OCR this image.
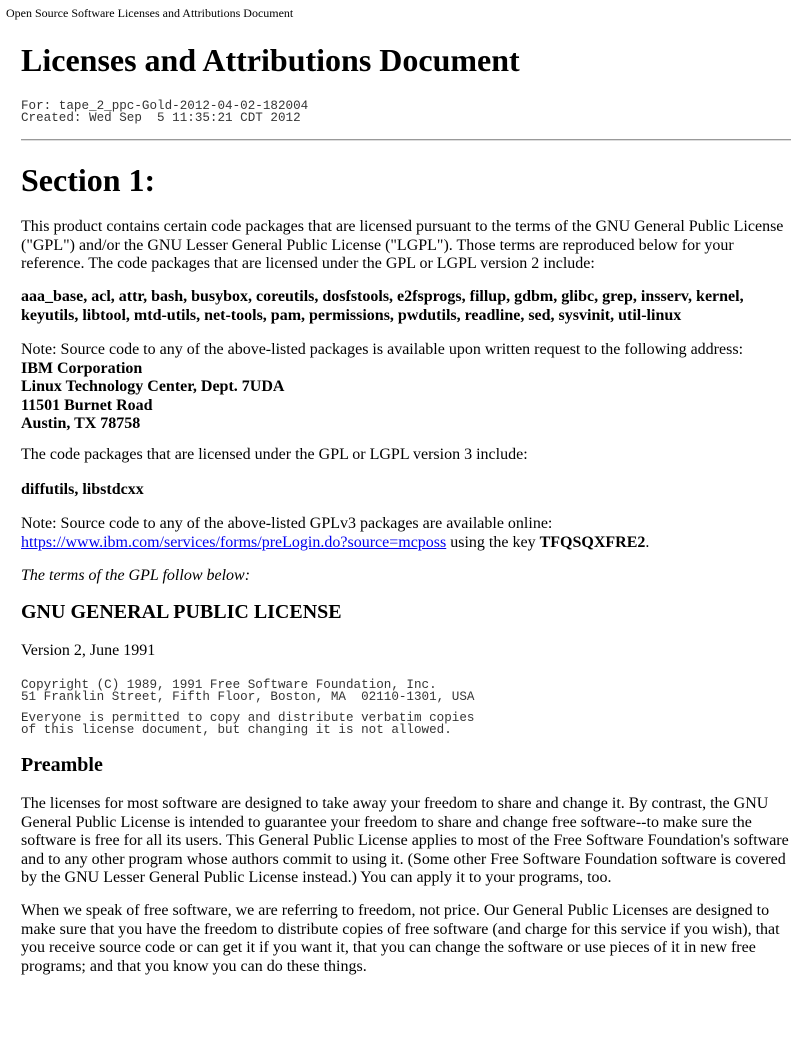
Open Source Software Licenses and Attributions Document
Licenses and Attributions Document
For: tape_2_ppc-Gold-2012-04-02-182004
Created: Wed Sep  5 11:35:21 CDT 2012
Section 1:

This product contains certain code packages that are licensed pursuant to the terms of the GNU General Public License ("GPL") and/or the GNU Lesser General Public License ("LGPL"). Those terms are reproduced below for your reference. The code packages that are licensed under the GPL or LGPL version 2 include:

aaa_base, acl, attr, bash, busybox, coreutils, dosfstools, e2fsprogs, fillup, gdbm, glibc, grep, insserv, kernel, keyutils, libtool, mtd-utils, net-tools, pam, permissions, pwdutils, readline, sed, sysvinit, util-linux

Note: Source code to any of the above-listed packages is available upon written request to the following address:

IBM Corporation

Linux Technology Center, Dept. 7UDA

11501 Burnet Road

Austin, TX 78758

The code packages that are licensed under the GPL or LGPL version 3 include:

diffutils, libstdcxx

Note: Source code to any of the above-listed GPLv3 packages are available online:

https://www.ibm.com/services/forms/preLogin.do?source=mcposs using the key TFQSQXFRE2.

The terms of the GPL follow below:

GNU GENERAL PUBLIC LICENSE

Version 2, June 1991

Copyright (C) 1989, 1991 Free Software Foundation, Inc.
51 Franklin Street, Fifth Floor, Boston, MA  02110-1301, USA
Everyone is permitted to copy and distribute verbatim copies
of this license document, but changing it is not allowed.
Preamble

The licenses for most software are designed to take away your freedom to share and change it. By contrast, the GNU General Public License is intended to guarantee your freedom to share and change free software--to make sure the software is free for all its users. This General Public License applies to most of the Free Software Foundation's software and to any other program whose authors commit to using it. (Some other Free Software Foundation software is covered by the GNU Lesser General Public License instead.) You can apply it to your programs, too.

When we speak of free software, we are referring to freedom, not price. Our General Public Licenses are designed to make sure that you have the freedom to distribute copies of free software (and charge for this service if you wish), that you receive source code or can get it if you want it, that you can change the software or use pieces of it in new free programs; and that you know you can do these things.
